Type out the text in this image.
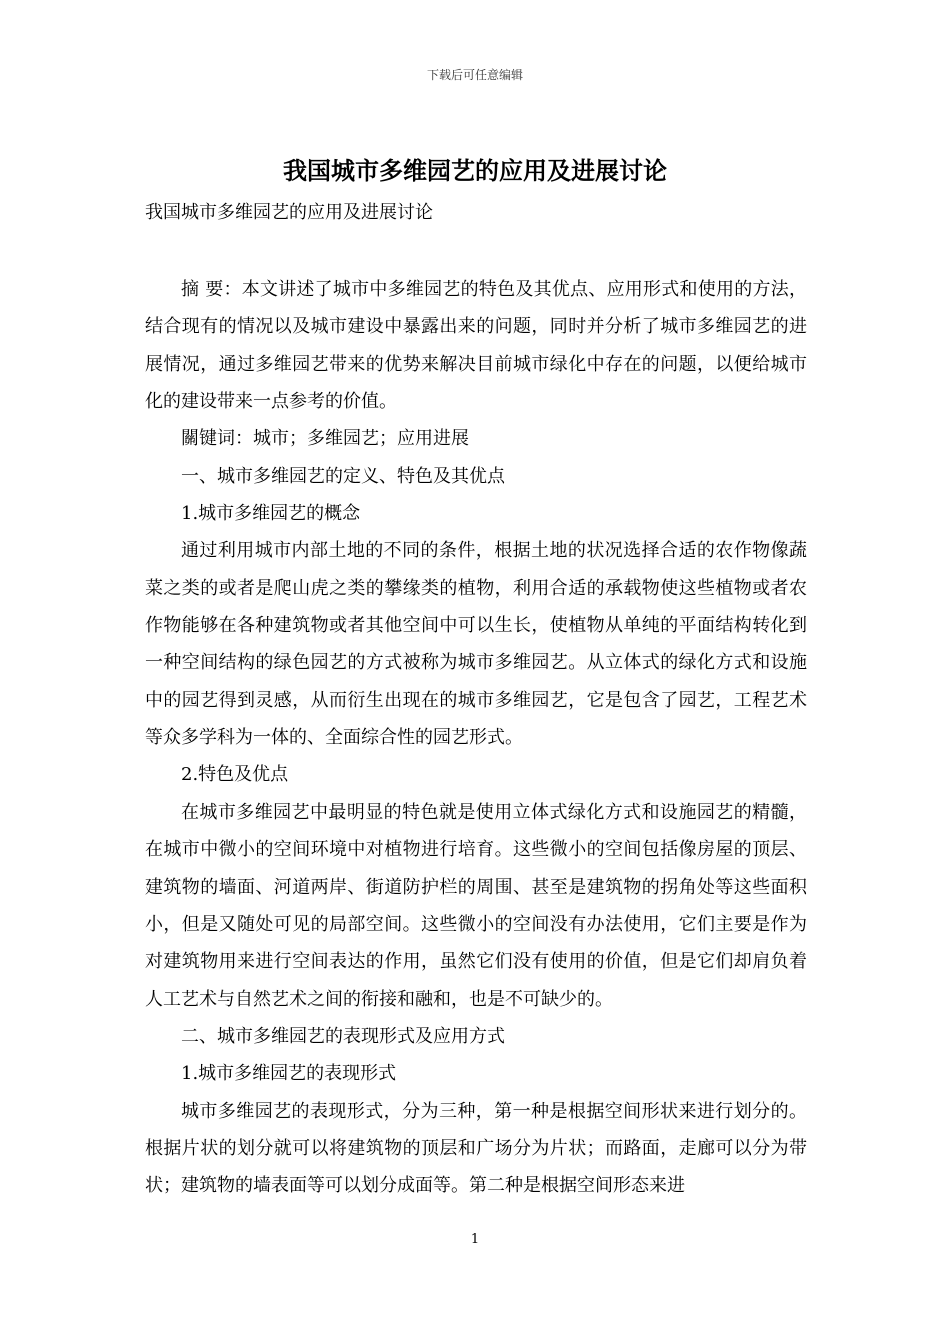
下载后可任意编辑
我国城市多维园艺的应用及进展讨论
我国城市多维园艺的应用及进展讨论

摘 要：本文讲述了城市中多维园艺的特色及其优点、应用形式和使用的方法，结合现有的情况以及城市建设中暴露出来的问题，同时并分析了城市多维园艺的进展情况，通过多维园艺带来的优势来解决目前城市绿化中存在的问题，以便给城市化的建设带来一点参考的价值。

關键词：城市；多维园艺；应用进展

一、城市多维园艺的定义、特色及其优点

1.城市多维园艺的概念

通过利用城市内部土地的不同的条件，根据土地的状况选择合适的农作物像蔬菜之类的或者是爬山虎之类的攀缘类的植物，利用合适的承载物使这些植物或者农作物能够在各种建筑物或者其他空间中可以生长，使植物从单纯的平面结构转化到一种空间结构的绿色园艺的方式被称为城市多维园艺。从立体式的绿化方式和设施中的园艺得到灵感，从而衍生出现在的城市多维园艺，它是包含了园艺，工程艺术等众多学科为一体的、全面综合性的园艺形式。

2.特色及优点

在城市多维园艺中最明显的特色就是使用立体式绿化方式和设施园艺的精髓，在城市中微小的空间环境中对植物进行培育。这些微小的空间包括像房屋的顶层、建筑物的墙面、河道两岸、街道防护栏的周围、甚至是建筑物的拐角处等这些面积小，但是又随处可见的局部空间。这些微小的空间没有办法使用，它们主要是作为对建筑物用来进行空间表达的作用，虽然它们没有使用的价值，但是它们却肩负着人工艺术与自然艺术之间的衔接和融和，也是不可缺少的。

二、城市多维园艺的表现形式及应用方式

1.城市多维园艺的表现形式

城市多维园艺的表现形式，分为三种，第一种是根据空间形状来进行划分的。根据片状的划分就可以将建筑物的顶层和广场分为片状；而路面，走廊可以分为带状；建筑物的墙表面等可以划分成面等。第二种是根据空间形态来进

1
